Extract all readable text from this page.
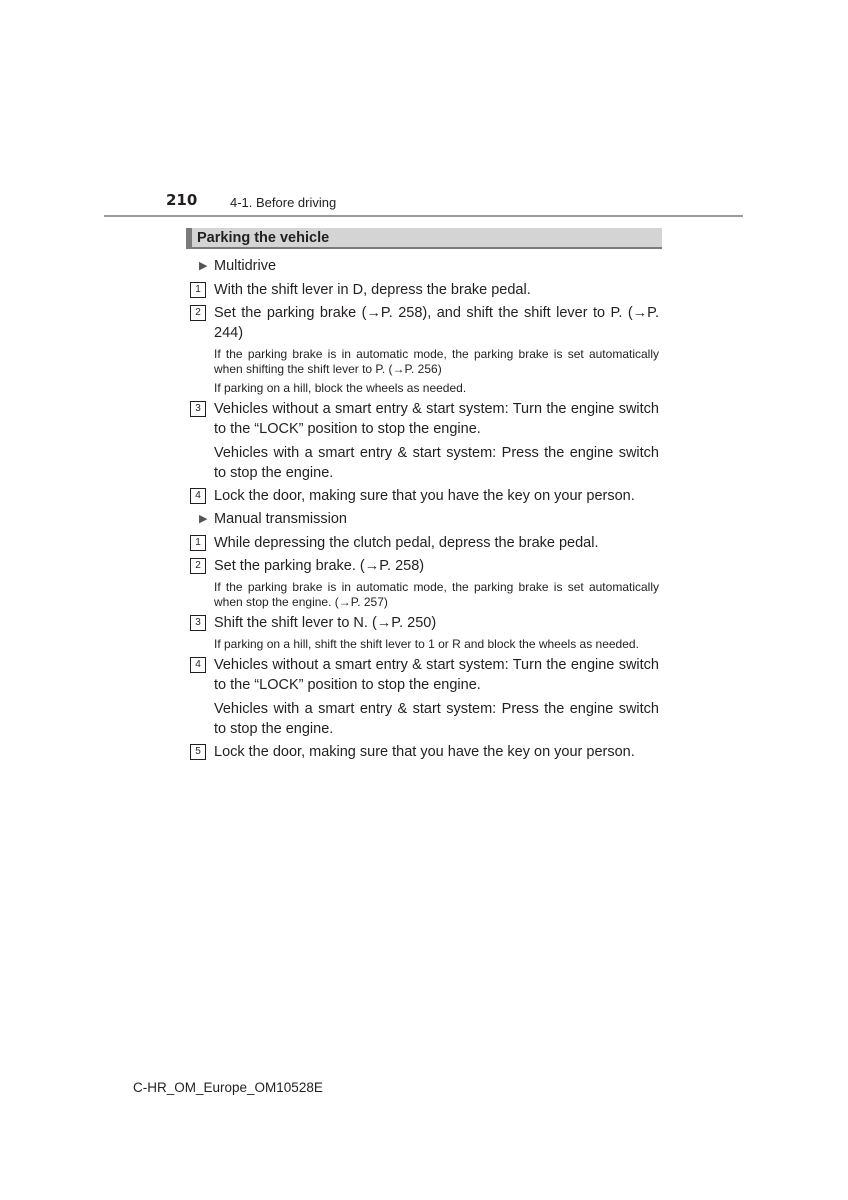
210	4-1. Before driving
Parking the vehicle
▶ Multidrive
1 With the shift lever in D, depress the brake pedal.
2 Set the parking brake (→P. 258), and shift the shift lever to P. (→P. 244)
If the parking brake is in automatic mode, the parking brake is set automatically when shifting the shift lever to P. (→P. 256)
If parking on a hill, block the wheels as needed.
3 Vehicles without a smart entry & start system: Turn the engine switch to the “LOCK” position to stop the engine.
Vehicles with a smart entry & start system: Press the engine switch to stop the engine.
4 Lock the door, making sure that you have the key on your person.
▶ Manual transmission
1 While depressing the clutch pedal, depress the brake pedal.
2 Set the parking brake. (→P. 258)
If the parking brake is in automatic mode, the parking brake is set automatically when stop the engine. (→P. 257)
3 Shift the shift lever to N. (→P. 250)
If parking on a hill, shift the shift lever to 1 or R and block the wheels as needed.
4 Vehicles without a smart entry & start system: Turn the engine switch to the “LOCK” position to stop the engine.
Vehicles with a smart entry & start system: Press the engine switch to stop the engine.
5 Lock the door, making sure that you have the key on your person.
C-HR_OM_Europe_OM10528E
